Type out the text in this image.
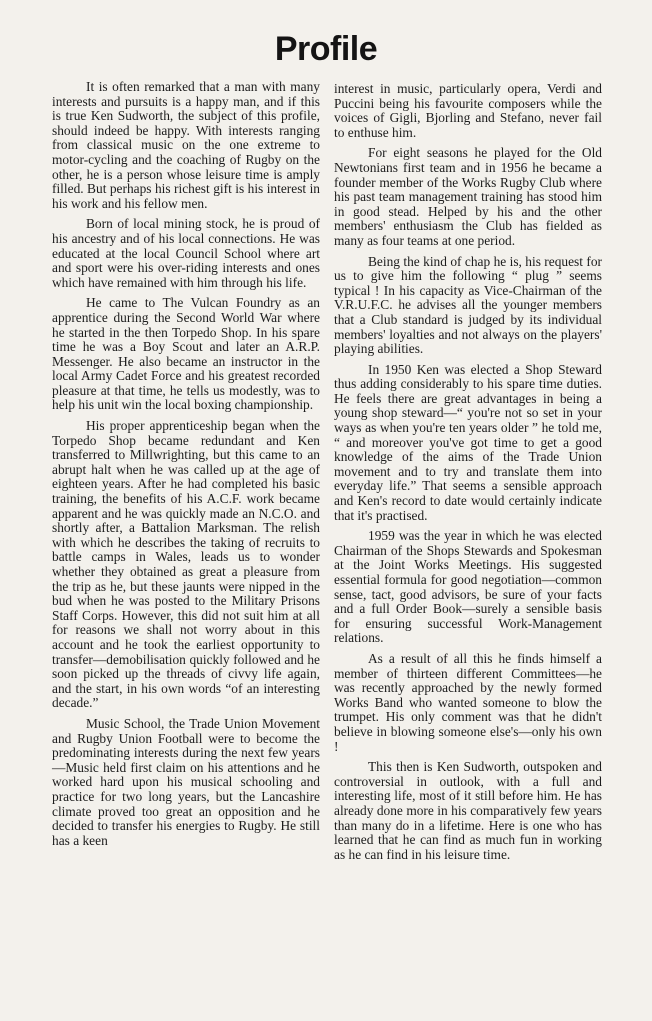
Profile

It is often remarked that a man with many interests and pursuits is a happy man, and if this is true Ken Sudworth, the subject of this profile, should indeed be happy. With interests ranging from classical music on the one extreme to motor-cycling and the coaching of Rugby on the other, he is a person whose leisure time is amply filled. But perhaps his richest gift is his interest in his work and his fellow men.

Born of local mining stock, he is proud of his ancestry and of his local connections. He was educated at the local Council School where art and sport were his over-riding interests and ones which have remained with him through his life.

He came to The Vulcan Foundry as an apprentice during the Second World War where he started in the then Torpedo Shop. In his spare time he was a Boy Scout and later an A.R.P. Messenger. He also became an instructor in the local Army Cadet Force and his greatest recorded pleasure at that time, he tells us modestly, was to help his unit win the local boxing championship.

His proper apprenticeship began when the Torpedo Shop became redundant and Ken transferred to Millwrighting, but this came to an abrupt halt when he was called up at the age of eighteen years. After he had completed his basic training, the benefits of his A.C.F. work became apparent and he was quickly made an N.C.O. and shortly after, a Battalion Marksman. The relish with which he describes the taking of recruits to battle camps in Wales, leads us to wonder whether they obtained as great a pleasure from the trip as he, but these jaunts were nipped in the bud when he was posted to the Military Prisons Staff Corps. However, this did not suit him at all for reasons we shall not worry about in this account and he took the earliest opportunity to transfer—demobilisation quickly followed and he soon picked up the threads of civvy life again, and the start, in his own words “of an interesting decade.”

Music School, the Trade Union Movement and Rugby Union Football were to become the predominating interests during the next few years—Music held first claim on his attentions and he worked hard upon his musical schooling and practice for two long years, but the Lancashire climate proved too great an opposition and he decided to transfer his energies to Rugby. He still has a keen

interest in music, particularly opera, Verdi and Puccini being his favourite composers while the voices of Gigli, Bjorling and Stefano, never fail to enthuse him.

For eight seasons he played for the Old Newtonians first team and in 1956 he became a founder member of the Works Rugby Club where his past team management training has stood him in good stead. Helped by his and the other members' enthusiasm the Club has fielded as many as four teams at one period.

Being the kind of chap he is, his request for us to give him the following “ plug ” seems typical ! In his capacity as Vice-Chairman of the V.R.U.F.C. he advises all the younger members that a Club standard is judged by its individual members' loyalties and not always on the players' playing abilities.

In 1950 Ken was elected a Shop Steward thus adding considerably to his spare time duties. He feels there are great advantages in being a young shop steward—“ you're not so set in your ways as when you're ten years older ” he told me, “ and moreover you've got time to get a good knowledge of the aims of the Trade Union movement and to try and translate them into everyday life.” That seems a sensible approach and Ken's record to date would certainly indicate that it's practised.

1959 was the year in which he was elected Chairman of the Shops Stewards and Spokesman at the Joint Works Meetings. His suggested essential formula for good negotiation—common sense, tact, good advisors, be sure of your facts and a full Order Book—surely a sensible basis for ensuring successful Work-Management relations.

As a result of all this he finds himself a member of thirteen different Committees—he was recently approached by the newly formed Works Band who wanted someone to blow the trumpet. His only comment was that he didn't believe in blowing someone else's—only his own !

This then is Ken Sudworth, outspoken and controversial in outlook, with a full and interesting life, most of it still before him. He has already done more in his comparatively few years than many do in a lifetime. Here is one who has learned that he can find as much fun in working as he can find in his leisure time.
